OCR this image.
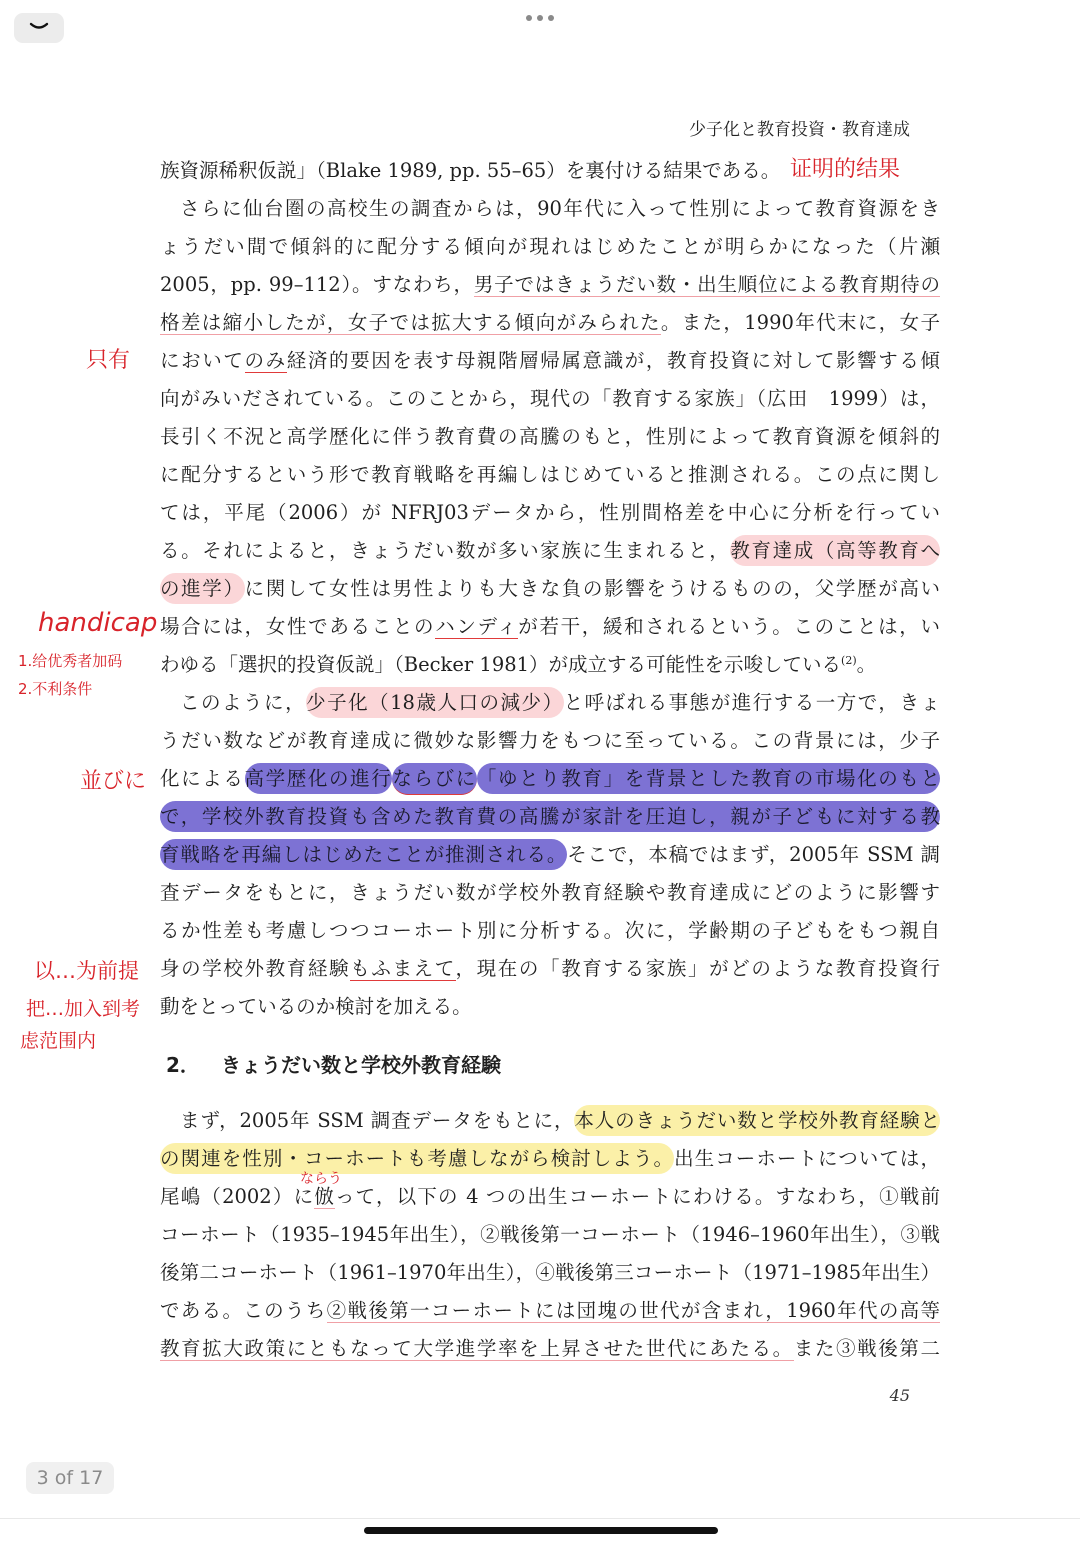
少子化と教育投資・教育達成
族資源稀釈仮説」（Blake 1989, pp. 55–65）を裏付ける結果である。
さらに仙台圏の高校生の調査からは，90年代に入って性別によって教育資源をき
ょうだい間で傾斜的に配分する傾向が現れはじめたことが明らかになった（片瀬
2005，pp. 99–112）。すなわち，男子ではきょうだい数・出生順位による教育期待の
格差は縮小したが，女子では拡大する傾向がみられた。また，1990年代末に，女子
においてのみ経済的要因を表す母親階層帰属意識が，教育投資に対して影響する傾
向がみいだされている。このことから，現代の「教育する家族」（広田　1999）は，
長引く不況と高学歴化に伴う教育費の高騰のもと，性別によって教育資源を傾斜的
に配分するという形で教育戦略を再編しはじめていると推測される。この点に関し
ては，平尾（2006）が NFRJ03データから，性別間格差を中心に分析を行ってい
る。それによると，きょうだい数が多い家族に生まれると，教育達成（高等教育へ
の進学）に関して女性は男性よりも大きな負の影響をうけるものの，父学歴が高い
場合には，女性であることのハンディが若干，緩和されるという。このことは，い
わゆる「選択的投資仮説」（Becker 1981）が成立する可能性を示唆している$^{(2)}$。
このように，少子化（18歳人口の減少）と呼ばれる事態が進行する一方で，きょ
うだい数などが教育達成に微妙な影響力をもつに至っている。この背景には，少子
化による高学歴化の進行ならびに「ゆとり教育」を背景とした教育の市場化のもと
で，学校外教育投資も含めた教育費の高騰が家計を圧迫し，親が子どもに対する教
育戦略を再編しはじめたことが推測される。そこで，本稿ではまず，2005年 SSM 調
査データをもとに，きょうだい数が学校外教育経験や教育達成にどのように影響す
るか性差も考慮しつつコーホート別に分析する。次に，学齢期の子どもをもつ親自
身の学校外教育経験もふまえて，現在の「教育する家族」がどのような教育投資行
動をとっているのか検討を加える。
まず，2005年 SSM 調査データをもとに，本人のきょうだい数と学校外教育経験と
の関連を性別・コーホートも考慮しながら検討しよう。出生コーホートについては，
尾嶋（2002）に倣って，以下の 4 つの出生コーホートにわける。すなわち，①戦前
コーホート（1935–1945年出生），②戦後第一コーホート（1946–1960年出生），③戦
後第二コーホート（1961–1970年出生），④戦後第三コーホート（1971–1985年出生）
である。このうち②戦後第一コーホートには団塊の世代が含まれ，1960年代の高等
教育拡大政策にともなって大学進学率を上昇させた世代にあたる。また③戦後第二
2． きょうだい数と学校外教育経験
证明的结果
只有
handicap
1.给优秀者加码
2.不利条件
並びに
以…为前提
把…加入到考
虑范围内
ならう
45
3 of 17
